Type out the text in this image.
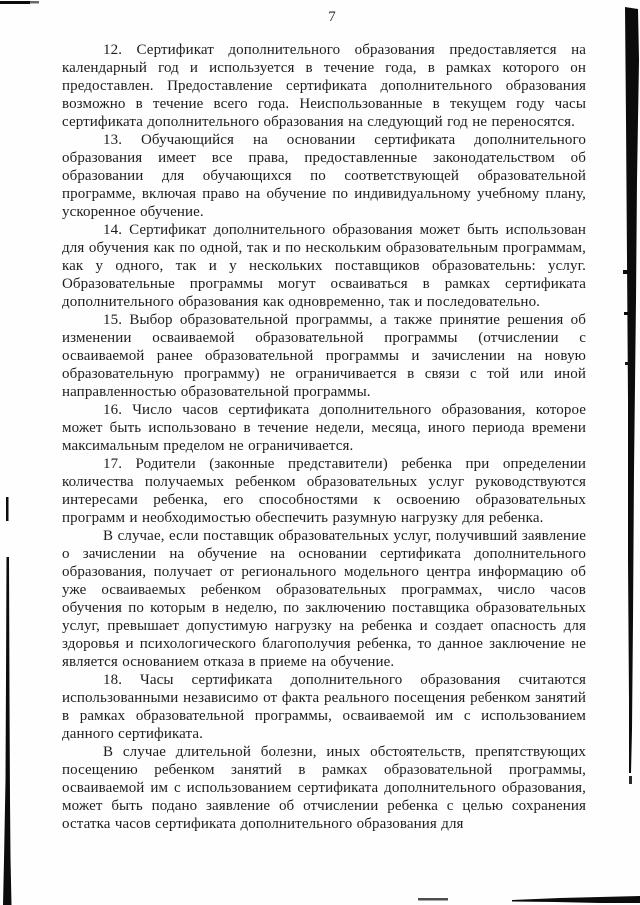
7

12. Сертификат дополнительного образования предоставляется на календарный год и используется в течение года, в рамках которого он предоставлен. Предоставление сертификата дополнительного образования возможно в течение всего года. Неиспользованные в текущем году часы сертификата дополнительного образования на следующий год не переносятся.

13. Обучающийся на основании сертификата дополнительного образования имеет все права, предоставленные законодательством об образовании для обучающихся по соответствующей образовательной программе, включая право на обучение по индивидуальному учебному плану, ускоренное обучение.

14. Сертификат дополнительного образования может быть использован для обучения как по одной, так и по нескольким образовательным программам, как у одного, так и у нескольких поставщиков образовательнь: услуг. Образовательные программы могут осваиваться в рамках сертификата дополнительного образования как одновременно, так и последовательно.

15. Выбор образовательной программы, а также принятие решения об изменении осваиваемой образовательной программы (отчислении с осваиваемой ранее образовательной программы и зачислении на новую образовательную программу) не ограничивается в связи с той или иной направленностью образовательной программы.

16. Число часов сертификата дополнительного образования, которое может быть использовано в течение недели, месяца, иного периода времени максимальным пределом не ограничивается.

17. Родители (законные представители) ребенка при определении количества получаемых ребенком образовательных услуг руководствуются интересами ребенка, его способностями к освоению образовательных программ и необходимостью обеспечить разумную нагрузку для ребенка.

В случае, если поставщик образовательных услуг, получивший заявление о зачислении на обучение на основании сертификата дополнительного образования, получает от регионального модельного центра информацию об уже осваиваемых ребенком образовательных программах, число часов обучения по которым в неделю, по заключению поставщика образовательных услуг, превышает допустимую нагрузку на ребенка и создает опасность для здоровья и психологического благополучия ребенка, то данное заключение не является основанием отказа в приеме на обучение.

18. Часы сертификата дополнительного образования считаются использованными независимо от факта реального посещения ребенком занятий в рамках образовательной программы, осваиваемой им с использованием данного сертификата.

В случае длительной болезни, иных обстоятельств, препятствующих посещению ребенком занятий в рамках образовательной программы, осваиваемой им с использованием сертификата дополнительного образования, может быть подано заявление об отчислении ребенка с целью сохранения остатка часов сертификата дополнительного образования для
